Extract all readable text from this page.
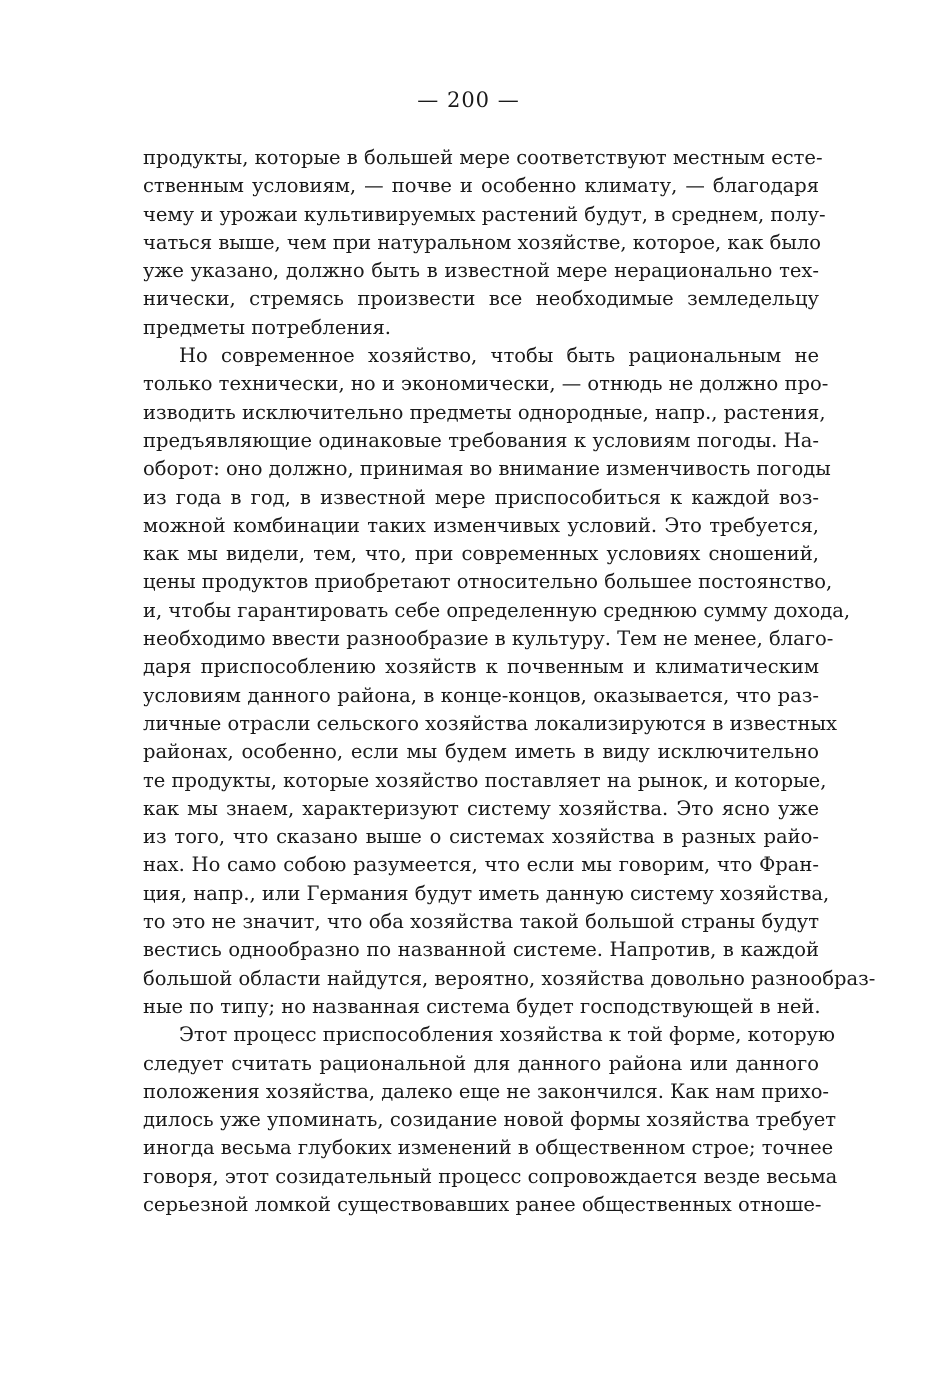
— 200 —
продукты, которые в большей мере соответствуют местным есте-
ственным условиям, — почве и особенно климату, — благодаря
чему и урожаи культивируемых растений будут, в среднем, полу-
чаться выше, чем при натуральном хозяйстве, которое, как было
уже указано, должно быть в известной мере нерационально тех-
нически, стремясь произвести все необходимые земледельцу
предметы потребления.
Но современное хозяйство, чтобы быть рациональным не
только технически, но и экономически, — отнюдь не должно про-
изводить исключительно предметы однородные, напр., растения,
предъявляющие одинаковые требования к условиям погоды. На-
оборот: оно должно, принимая во внимание изменчивость погоды
из года в год, в известной мере приспособиться к каждой воз-
можной комбинации таких изменчивых условий. Это требуется,
как мы видели, тем, что, при современных условиях сношений,
цены продуктов приобретают относительно большее постоянство,
и, чтобы гарантировать себе определенную среднюю сумму дохода,
необходимо ввести разнообразие в культуру. Тем не менее, благо-
даря приспособлению хозяйств к почвенным и климатическим
условиям данного района, в конце-концов, оказывается, что раз-
личные отрасли сельского хозяйства локализируются в известных
районах, особенно, если мы будем иметь в виду исключительно
те продукты, которые хозяйство поставляет на рынок, и которые,
как мы знаем, характеризуют систему хозяйства. Это ясно уже
из того, что сказано выше о системах хозяйства в разных райо-
нах. Но само собою разумеется, что если мы говорим, что Фран-
ция, напр., или Германия будут иметь данную систему хозяйства,
то это не значит, что оба хозяйства такой большой страны будут
вестись однообразно по названной системе. Напротив, в каждой
большой области найдутся, вероятно, хозяйства довольно разнообраз-
ные по типу; но названная система будет господствующей в ней.
Этот процесс приспособления хозяйства к той форме, которую
следует считать рациональной для данного района или данного
положения хозяйства, далеко еще не закончился. Как нам прихо-
дилось уже упоминать, созидание новой формы хозяйства требует
иногда весьма глубоких изменений в общественном строе; точнее
говоря, этот созидательный процесс сопровождается везде весьма
серьезной ломкой существовавших ранее общественных отноше-
